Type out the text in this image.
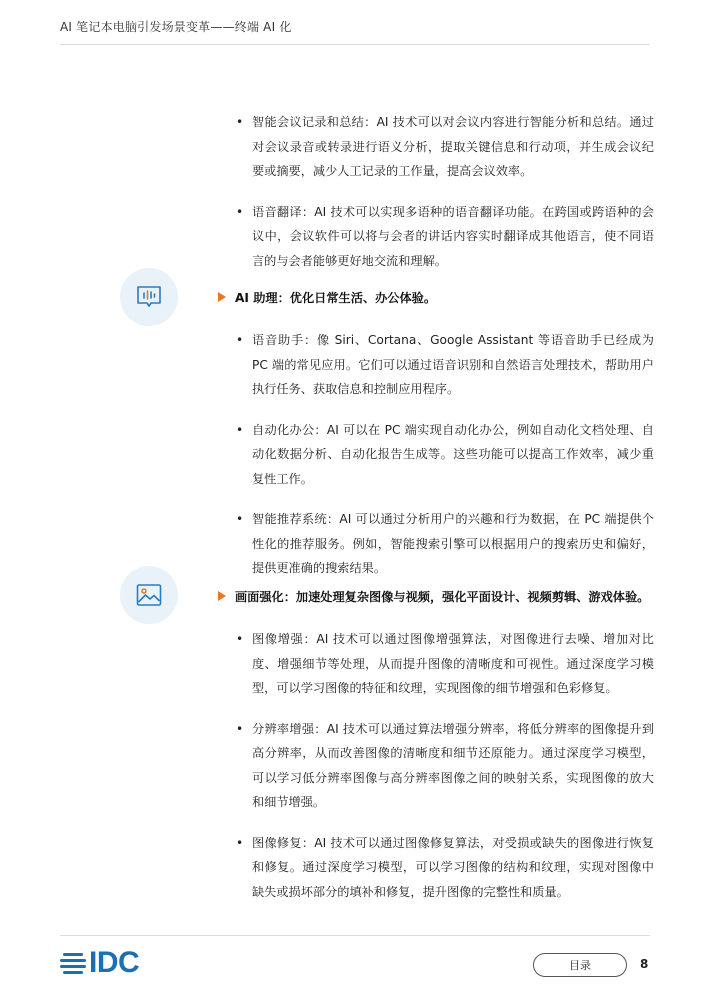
AI 笔记本电脑引发场景变革——终端 AI 化
• 智能会议记录和总结：AI 技术可以对会议内容进行智能分析和总结。通过对会议录音或转录进行语义分析，提取关键信息和行动项，并生成会议纪要或摘要，减少人工记录的工作量，提高会议效率。
• 语音翻译：AI 技术可以实现多语种的语音翻译功能。在跨国或跨语种的会议中，会议软件可以将与会者的讲话内容实时翻译成其他语言，使不同语言的与会者能够更好地交流和理解。
AI 助理：优化日常生活、办公体验。
• 语音助手：像 Siri、Cortana、Google Assistant 等语音助手已经成为 PC 端的常见应用。它们可以通过语音识别和自然语言处理技术，帮助用户执行任务、获取信息和控制应用程序。
• 自动化办公：AI 可以在 PC 端实现自动化办公，例如自动化文档处理、自动化数据分析、自动化报告生成等。这些功能可以提高工作效率，减少重复性工作。
• 智能推荐系统：AI 可以通过分析用户的兴趣和行为数据，在 PC 端提供个性化的推荐服务。例如，智能搜索引擎可以根据用户的搜索历史和偏好，提供更准确的搜索结果。
画面强化：加速处理复杂图像与视频，强化平面设计、视频剪辑、游戏体验。
• 图像增强：AI 技术可以通过图像增强算法，对图像进行去噪、增加对比度、增强细节等处理，从而提升图像的清晰度和可视性。通过深度学习模型，可以学习图像的特征和纹理，实现图像的细节增强和色彩修复。
• 分辨率增强：AI 技术可以通过算法增强分辨率，将低分辨率的图像提升到高分辨率，从而改善图像的清晰度和细节还原能力。通过深度学习模型，可以学习低分辨率图像与高分辨率图像之间的映射关系，实现图像的放大和细节增强。
• 图像修复：AI 技术可以通过图像修复算法，对受损或缺失的图像进行恢复和修复。通过深度学习模型，可以学习图像的结构和纹理，实现对图像中缺失或损坏部分的填补和修复，提升图像的完整性和质量。
IDC	目录	8
